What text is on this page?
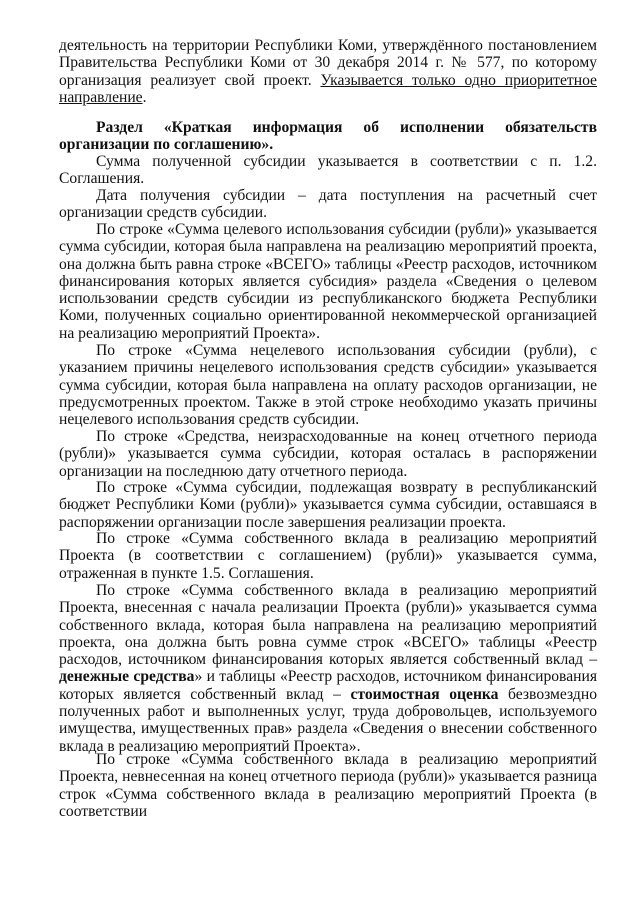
деятельность на территории Республики Коми, утверждённого постановлением Правительства Республики Коми от 30 декабря 2014 г. № 577, по которому организация реализует свой проект. Указывается только одно приоритетное направление.

Раздел «Краткая информация об исполнении обязательств организации по соглашению».

Сумма полученной субсидии указывается в соответствии с п. 1.2. Соглашения.

Дата получения субсидии – дата поступления на расчетный счет организации средств субсидии.

По строке «Сумма целевого использования субсидии (рубли)» указывается сумма субсидии, которая была направлена на реализацию мероприятий проекта, она должна быть равна строке «ВСЕГО» таблицы «Реестр расходов, источником финансирования которых является субсидия» раздела «Сведения о целевом использовании средств субсидии из республиканского бюджета Республики Коми, полученных социально ориентированной некоммерческой организацией на реализацию мероприятий Проекта».

По строке «Сумма нецелевого использования субсидии (рубли), с указанием причины нецелевого использования средств субсидии» указывается сумма субсидии, которая была направлена на оплату расходов организации, не предусмотренных проектом. Также в этой строке необходимо указать причины нецелевого использования средств субсидии.

По строке «Средства, неизрасходованные на конец отчетного периода (рубли)» указывается сумма субсидии, которая осталась в распоряжении организации на последнюю дату отчетного периода.

По строке «Сумма субсидии, подлежащая возврату в республиканский бюджет Республики Коми (рубли)» указывается сумма субсидии, оставшаяся в распоряжении организации после завершения реализации проекта.

По строке «Сумма собственного вклада в реализацию мероприятий Проекта (в соответствии с соглашением) (рубли)» указывается сумма, отраженная в пункте 1.5. Соглашения.

По строке «Сумма собственного вклада в реализацию мероприятий Проекта, внесенная с начала реализации Проекта (рубли)» указывается сумма собственного вклада, которая была направлена на реализацию мероприятий проекта, она должна быть ровна сумме строк «ВСЕГО» таблицы «Реестр расходов, источником финансирования которых является собственный вклад – денежные средства» и таблицы «Реестр расходов, источником финансирования которых является собственный вклад – стоимостная оценка безвозмездно полученных работ и выполненных услуг, труда добровольцев, используемого имущества, имущественных прав» раздела «Сведения о внесении собственного вклада в реализацию мероприятий Проекта».

По строке «Сумма собственного вклада в реализацию мероприятий Проекта, невнесенная на конец отчетного периода (рубли)» указывается разница строк «Сумма собственного вклада в реализацию мероприятий Проекта (в соответствии
